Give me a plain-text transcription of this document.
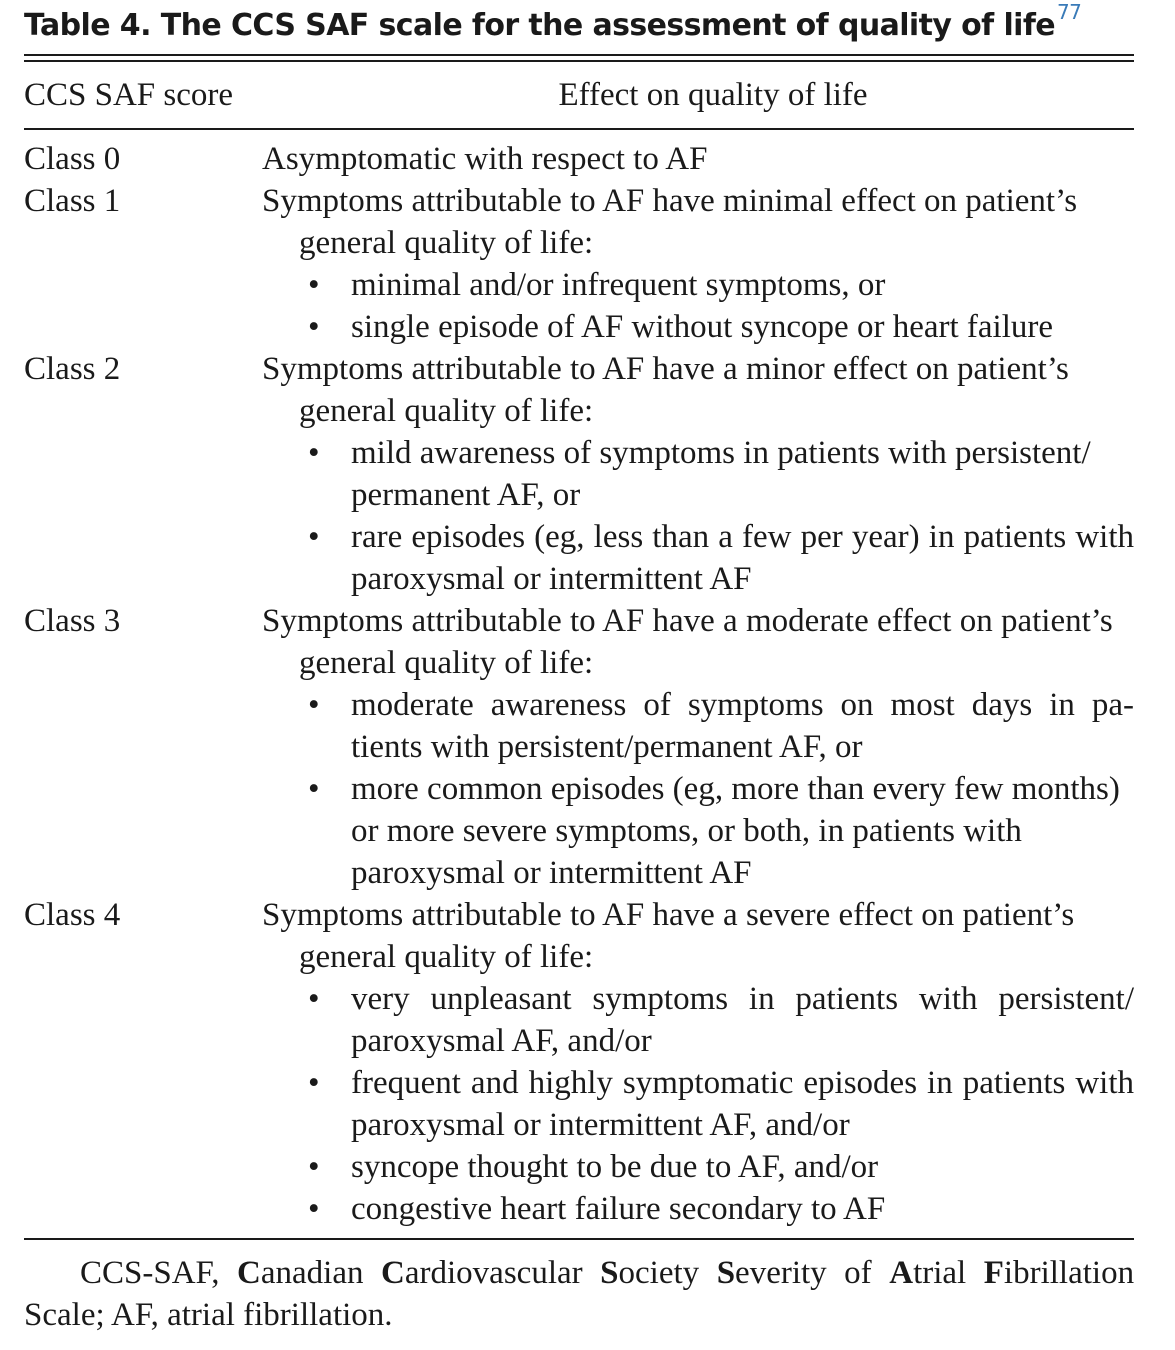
Table 4. The CCS SAF scale for the assessment of quality of life $^{77}$
CCS SAF score	Effect on quality of life
Class 0	Asymptomatic with respect to AF
Class 1	Symptoms attributable to AF have minimal effect on patient’s general quality of life:
• minimal and/or infrequent symptoms, or
• single episode of AF without syncope or heart failure
Class 2	Symptoms attributable to AF have a minor effect on patient’s general quality of life:
• mild awareness of symptoms in patients with persistent/ permanent AF, or
• rare episodes (eg, less than a few per year) in patients with paroxysmal or intermittent AF
Class 3	Symptoms attributable to AF have a moderate effect on patient’s general quality of life:
• moderate awareness of symptoms on most days in pa-tients with persistent/permanent AF, or
• more common episodes (eg, more than every few months) or more severe symptoms, or both, in patients with paroxysmal or intermittent AF
Class 4	Symptoms attributable to AF have a severe effect on patient’s general quality of life:
• very unpleasant symptoms in patients with persistent/ paroxysmal AF, and/or
• frequent and highly symptomatic episodes in patients with paroxysmal or intermittent AF, and/or
• syncope thought to be due to AF, and/or
• congestive heart failure secondary to AF
CCS-SAF, Canadian Cardiovascular Society Severity of Atrial Fibrillation Scale; AF, atrial fibrillation.
